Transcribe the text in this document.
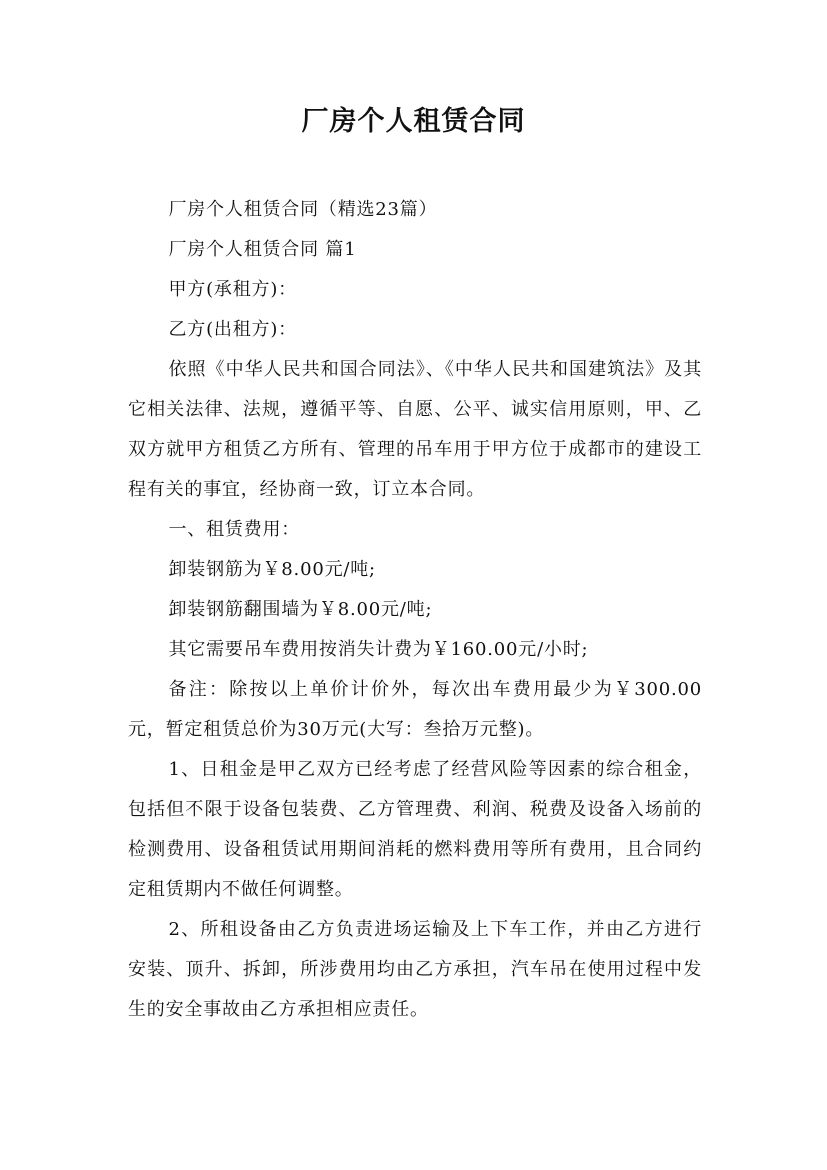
厂房个人租赁合同

厂房个人租赁合同（精选23篇）

厂房个人租赁合同 篇1

甲方(承租方)：

乙方(出租方)：

依照《中华人民共和国合同法》、《中华人民共和国建筑法》及其它相关法律、法规，遵循平等、自愿、公平、诚实信用原则，甲、乙双方就甲方租赁乙方所有、管理的吊车用于甲方位于成都市的建设工程有关的事宜，经协商一致，订立本合同。

一、租赁费用：

卸装钢筋为￥8.00元/吨;

卸装钢筋翻围墙为￥8.00元/吨;

其它需要吊车费用按消失计费为￥160.00元/小时;

备注：除按以上单价计价外，每次出车费用最少为￥300.00元，暂定租赁总价为30万元(大写：叁拾万元整)。

1、日租金是甲乙双方已经考虑了经营风险等因素的综合租金，包括但不限于设备包装费、乙方管理费、利润、税费及设备入场前的检测费用、设备租赁试用期间消耗的燃料费用等所有费用，且合同约定租赁期内不做任何调整。

2、所租设备由乙方负责进场运输及上下车工作，并由乙方进行安装、顶升、拆卸，所涉费用均由乙方承担，汽车吊在使用过程中发生的安全事故由乙方承担相应责任。
